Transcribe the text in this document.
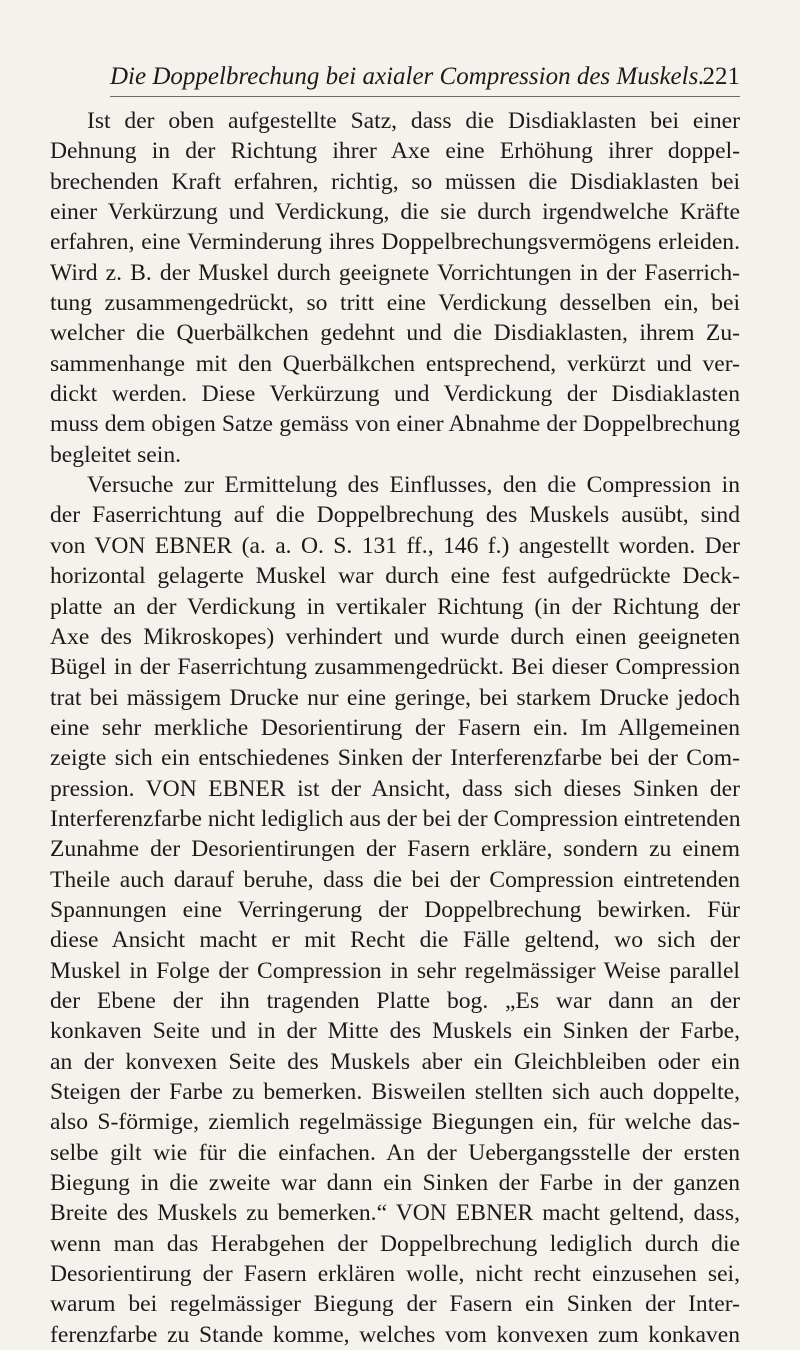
Die Doppelbrechung bei axialer Compression des Muskels.
221
Ist der oben aufgestellte Satz, dass die Disdiaklasten bei einer
Dehnung in der Richtung ihrer Axe eine Erhöhung ihrer doppel-
brechenden Kraft erfahren, richtig, so müssen die Disdiaklasten bei
einer Verkürzung und Verdickung, die sie durch irgendwelche Kräfte
erfahren, eine Verminderung ihres Doppelbrechungsvermögens erleiden.
Wird z. B. der Muskel durch geeignete Vorrichtungen in der Faserrich-
tung zusammengedrückt, so tritt eine Verdickung desselben ein, bei
welcher die Querbälkchen gedehnt und die Disdiaklasten, ihrem Zu-
sammenhange mit den Querbälkchen entsprechend, verkürzt und ver-
dickt werden. Diese Verkürzung und Verdickung der Disdiaklasten
muss dem obigen Satze gemäss von einer Abnahme der Doppelbrechung
begleitet sein.
Versuche zur Ermittelung des Einflusses, den die Compression in
der Faserrichtung auf die Doppelbrechung des Muskels ausübt, sind
von VON EBNER (a. a. O. S. 131 ff., 146 f.) angestellt worden. Der
horizontal gelagerte Muskel war durch eine fest aufgedrückte Deck-
platte an der Verdickung in vertikaler Richtung (in der Richtung der
Axe des Mikroskopes) verhindert und wurde durch einen geeigneten
Bügel in der Faserrichtung zusammengedrückt. Bei dieser Compression
trat bei mässigem Drucke nur eine geringe, bei starkem Drucke jedoch
eine sehr merkliche Desorientirung der Fasern ein. Im Allgemeinen
zeigte sich ein entschiedenes Sinken der Interferenzfarbe bei der Com-
pression. VON EBNER ist der Ansicht, dass sich dieses Sinken der
Interferenzfarbe nicht lediglich aus der bei der Compression eintretenden
Zunahme der Desorientirungen der Fasern erkläre, sondern zu einem
Theile auch darauf beruhe, dass die bei der Compression eintretenden
Spannungen eine Verringerung der Doppelbrechung bewirken. Für
diese Ansicht macht er mit Recht die Fälle geltend, wo sich der
Muskel in Folge der Compression in sehr regelmässiger Weise parallel
der Ebene der ihn tragenden Platte bog. „Es war dann an der
konkaven Seite und in der Mitte des Muskels ein Sinken der Farbe,
an der konvexen Seite des Muskels aber ein Gleichbleiben oder ein
Steigen der Farbe zu bemerken. Bisweilen stellten sich auch doppelte,
also S-förmige, ziemlich regelmässige Biegungen ein, für welche das-
selbe gilt wie für die einfachen. An der Uebergangsstelle der ersten
Biegung in die zweite war dann ein Sinken der Farbe in der ganzen
Breite des Muskels zu bemerken.“ VON EBNER macht geltend, dass,
wenn man das Herabgehen der Doppelbrechung lediglich durch die
Desorientirung der Fasern erklären wolle, nicht recht einzusehen sei,
warum bei regelmässiger Biegung der Fasern ein Sinken der Inter-
ferenzfarbe zu Stande komme, welches vom konvexen zum konkaven
